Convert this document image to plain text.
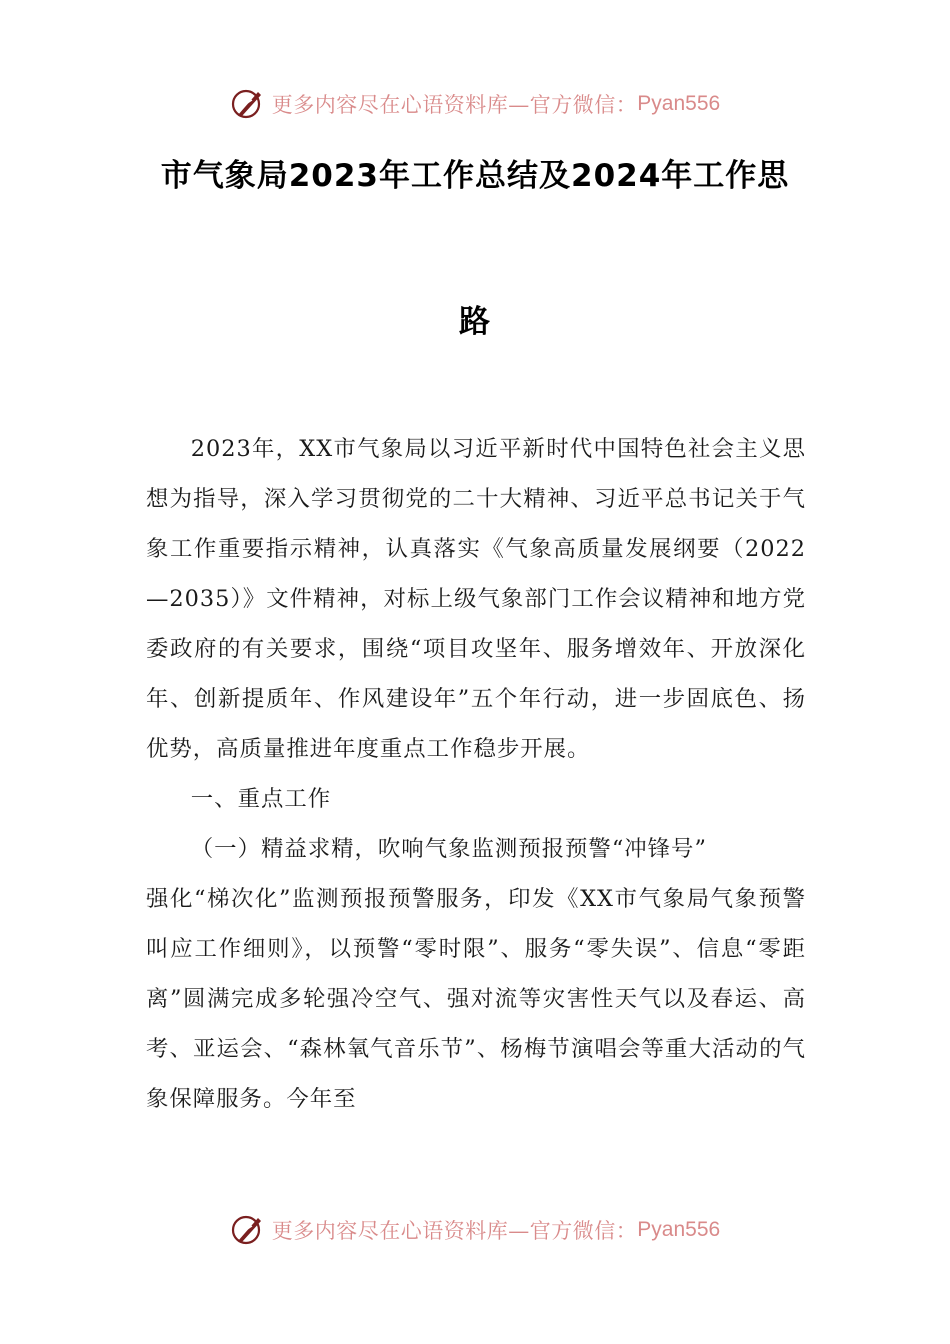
更多内容尽在心语资料库—官方微信： Pyan556
市气象局2023年工作总结及2024年工作思
路

2023年，XX市气象局以习近平新时代中国特色社会主义思想为指导，深入学习贯彻党的二十大精神、习近平总书记关于气象工作重要指示精神，认真落实《气象高质量发展纲要（2022—2035）》文件精神，对标上级气象部门工作会议精神和地方党委政府的有关要求，围绕“项目攻坚年、服务增效年、开放深化年、创新提质年、作风建设年”五个年行动，进一步固底色、扬优势，高质量推进年度重点工作稳步开展。

一、重点工作

（一）精益求精，吹响气象监测预报预警“冲锋号”

强化“梯次化”监测预报预警服务，印发《XX市气象局气象预警叫应工作细则》，以预警“零时限”、服务“零失误”、信息“零距离”圆满完成多轮强冷空气、强对流等灾害性天气以及春运、高考、亚运会、“森林氧气音乐节”、杨梅节演唱会等重大活动的气象保障服务。今年至

更多内容尽在心语资料库—官方微信： Pyan556
